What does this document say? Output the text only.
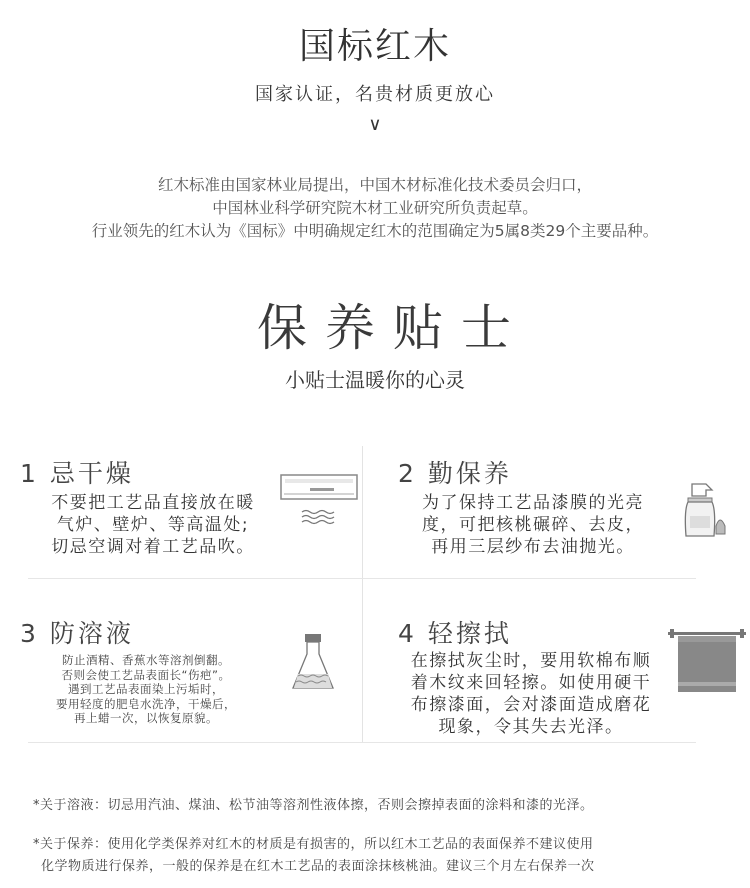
国标红木
国家认证，名贵材质更放心
∨
红木标准由国家林业局提出，中国木材标准化技术委员会归口，
中国林业科学研究院木材工业研究所负责起草。
行业领先的红木认为《国标》中明确规定红木的范围确定为5属8类29个主要品种。
保养贴士
小贴士温暖你的心灵
1 忌干燥
不要把工艺品直接放在暖
气炉、壁炉、等高温处;
切忌空调对着工艺品吹。
2 勤保养
为了保持工艺品漆膜的光亮
度，可把核桃碾碎、去皮，
再用三层纱布去油抛光。
3 防溶液
防止酒精、香蕉水等溶剂倒翻。
否则会使工艺品表面长“伤疤”。
遇到工艺品表面染上污垢时，
要用轻度的肥皂水洗净，干燥后，
再上蜡一次，以恢复原貌。
4 轻擦拭
在擦拭灰尘时，要用软棉布顺
着木纹来回轻擦。如使用硬干
布擦漆面，会对漆面造成磨花
现象，令其失去光泽。
*关于溶液：切忌用汽油、煤油、松节油等溶剂性液体擦，否则会擦掉表面的涂料和漆的光泽。
*关于保养：使用化学类保养对红木的材质是有损害的，所以红木工艺品的表面保养不建议使用
化学物质进行保养，一般的保养是在红木工艺品的表面涂抹核桃油。建议三个月左右保养一次
